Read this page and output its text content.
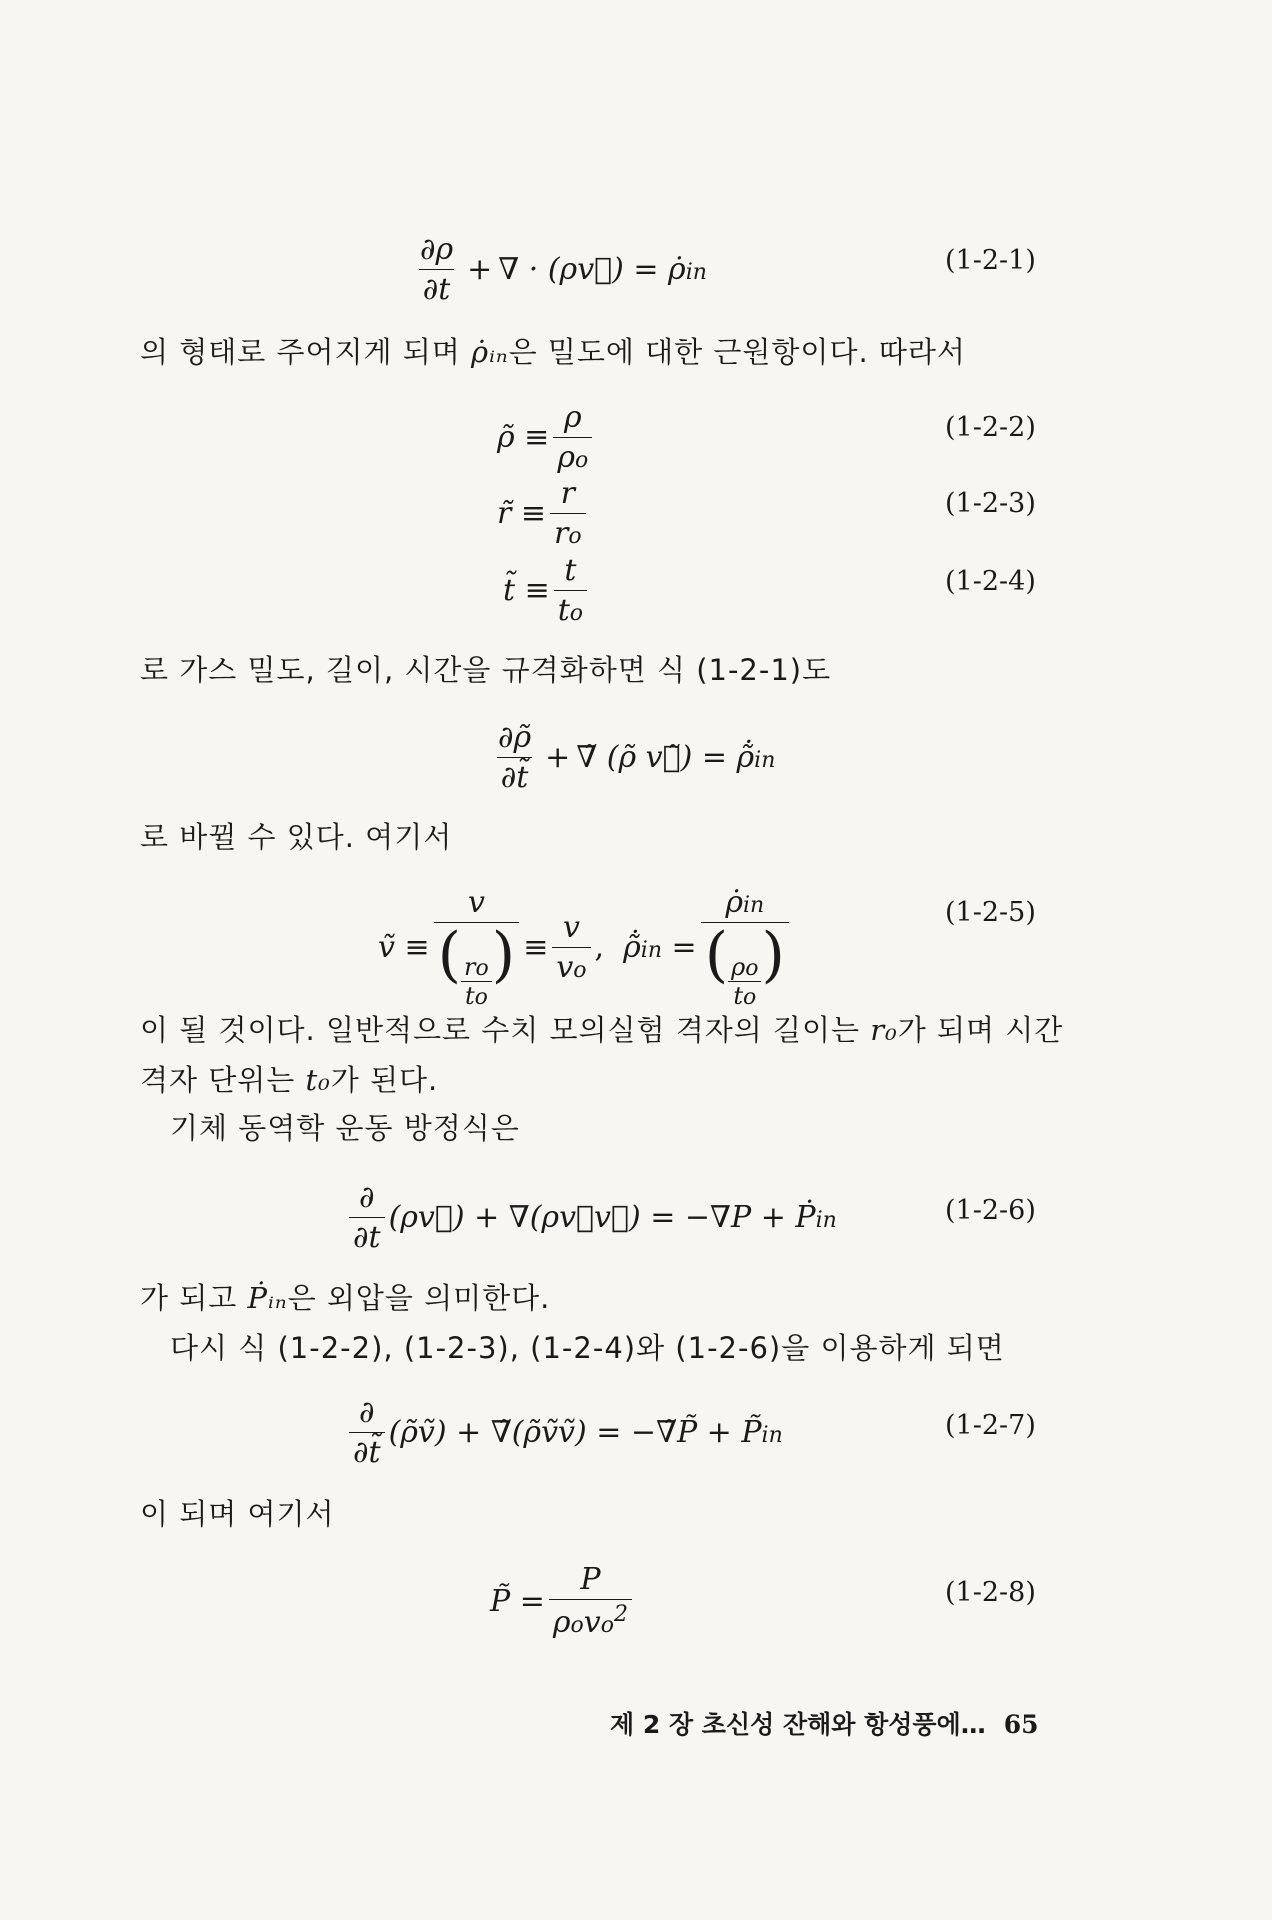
$\frac{\partial\rho}{\partial t}$ + ∇ · (ρv⃗) = ρ̇in	(1-2-1)
의 형태로 주어지게 되며 ρ̇ᵢₙ은 밀도에 대한 근원항이다. 따라서
ρ̃ ≡ $\frac{\rho}{\rho o}$	(1-2-2)
r̃ ≡ $\frac{r}{ro}$	(1-2-3)
t̃ ≡ $\frac{t}{to}$	(1-2-4)
로 가스 밀도, 길이, 시간을 규격화하면 식 (1-2-1)도
$\frac{\partial\rhõ}{\partial t̃}$ + ∇̃ (ρ̃ v⃗̃) = ρ̃̇in
로 바뀔 수 있다. 여기서
ṽ ≡ $\frac{v}{( \frac{ro}{to} )} \equiv \frac{v}{vo}$ , ρ̃̇in = $\frac{\rhȯin}{( \frac{\rho o}{to} )}$	(1-2-5)
이 될 것이다. 일반적으로 수치 모의실험 격자의 길이는 r₀가 되며 시간
격자 단위는 t₀가 된다.
기체 동역학 운동 방정식은
$\frac{\partial}{\partial t}$ (ρv⃗) + ∇(ρv⃗v⃗) = −∇P + Ṗin	(1-2-6)
가 되고 Ṗᵢₙ은 외압을 의미한다.
다시 식 (1-2-2), (1-2-3), (1-2-4)와 (1-2-6)을 이용하게 되면
$\frac{\partial}{\partial t̃}$ (ρ̃ṽ) + ∇̃(ρ̃ṽṽ) = −∇̃P̃ + P̃in	(1-2-7)
이 되며 여기서
P̃ = $\frac{P}{\rho ovo^2}$	(1-2-8)
제 2 장 초신성 잔해와 항성풍에… 65
